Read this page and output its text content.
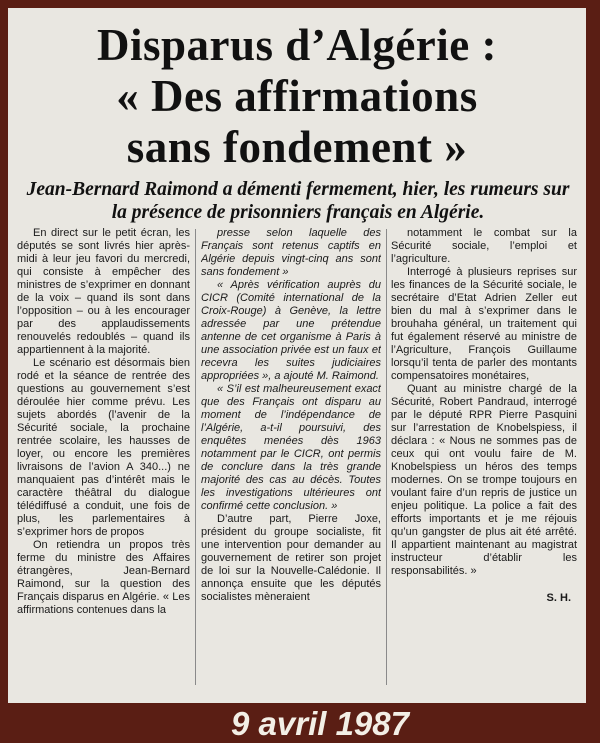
Disparus d’Algérie :
« Des affirmations
sans fondement »
Jean-Bernard Raimond a démenti fermement, hier, les rumeurs sur la présence de prisonniers français en Algérie.

En direct sur le petit écran, les députés se sont livrés hier après-midi à leur jeu favori du mercredi, qui consiste à empêcher des ministres de s’exprimer en donnant de la voix – quand ils sont dans l’opposition – ou à les encourager par des applaudissements renouvelés redoublés – quand ils appartiennent à la majorité.

Le scénario est désormais bien rodé et la séance de rentrée des questions au gouvernement s’est déroulée hier comme prévu. Les sujets abordés (l’avenir de la Sécurité sociale, la prochaine rentrée scolaire, les hausses de loyer, ou encore les premières livraisons de l’avion A 340...) ne manquaient pas d’intérêt mais le caractère théâtral du dialogue télédiffusé a conduit, une fois de plus, les parlementaires à s’exprimer hors de propos

On retiendra un propos très ferme du ministre des Affaires étrangères, Jean-Bernard Raimond, sur la question des Français disparus en Algérie. « Les affirmations contenues dans la

presse selon laquelle des Français sont retenus captifs en Algérie depuis vingt-cinq ans sont sans fondement »

« Après vérification auprès du CICR (Comité international de la Croix-Rouge) à Genève, la lettre adressée par une prétendue antenne de cet organisme à Paris à une association privée est un faux et recevra les suites judiciaires appropriées », a ajouté M. Raimond.

« S’il est malheureusement exact que des Français ont disparu au moment de l’indépendance de l’Algérie, a-t-il poursuivi, des enquêtes menées dès 1963 notamment par le CICR, ont permis de conclure dans la très grande majorité des cas au décès. Toutes les investigations ultérieures ont confirmé cette conclusion. »

D’autre part, Pierre Joxe, président du groupe socialiste, fit une intervention pour demander au gouvernement de retirer son projet de loi sur la Nouvelle-Calédonie. Il annonça ensuite que les députés socialistes mèneraient

notamment le combat sur la Sécurité sociale, l’emploi et l’agriculture.

Interrogé à plusieurs reprises sur les finances de la Sécurité sociale, le secrétaire d’Etat Adrien Zeller eut bien du mal à s’exprimer dans le brouhaha général, un traitement qui fut également réservé au ministre de l’Agriculture, François Guillaume lorsqu’il tenta de parler des montants compensatoires monétaires,

Quant au ministre chargé de la Sécurité, Robert Pandraud, interrogé par le député RPR Pierre Pasquini sur l’arrestation de Knobelspiess, il déclara : « Nous ne sommes pas de ceux qui ont voulu faire de M. Knobelspiess un héros des temps modernes. On se trompe toujours en voulant faire d’un repris de justice un enjeu politique. La police a fait des efforts importants et je me réjouis qu’un gangster de plus ait été arrêté. Il appartient maintenant au magistrat instructeur d’établir les responsabilités. »

S. H.

9 avril 1987
